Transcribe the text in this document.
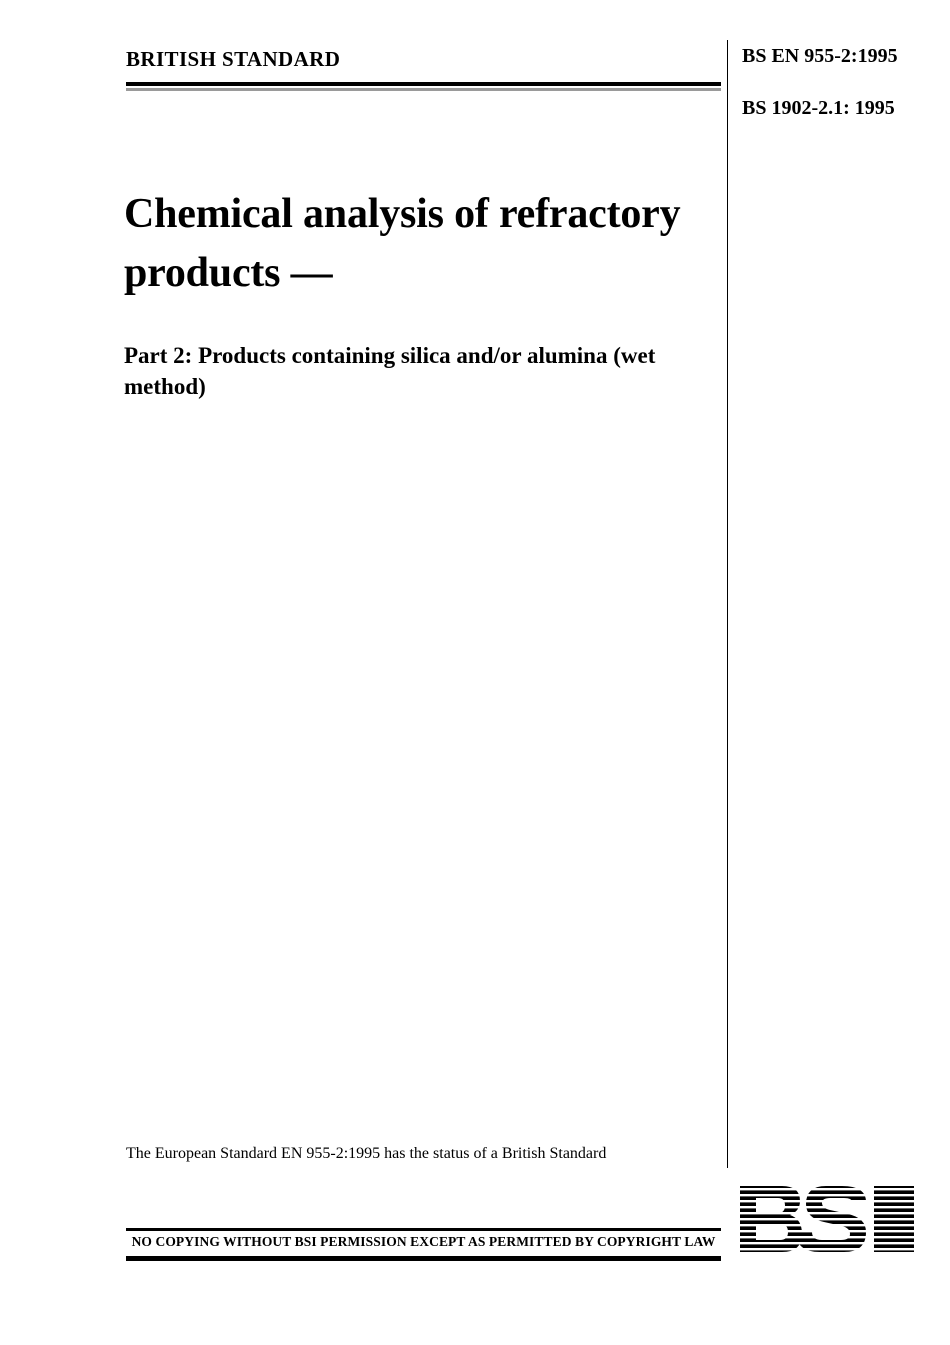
BRITISH STANDARD	BS EN 955-2:1995
BS 1902-2.1: 1995
Chemical analysis of refractory products —
Part 2: Products containing silica and/or alumina (wet method)
The European Standard EN 955-2:1995 has the status of a British Standard
NO COPYING WITHOUT BSI PERMISSION EXCEPT AS PERMITTED BY COPYRIGHT LAW
